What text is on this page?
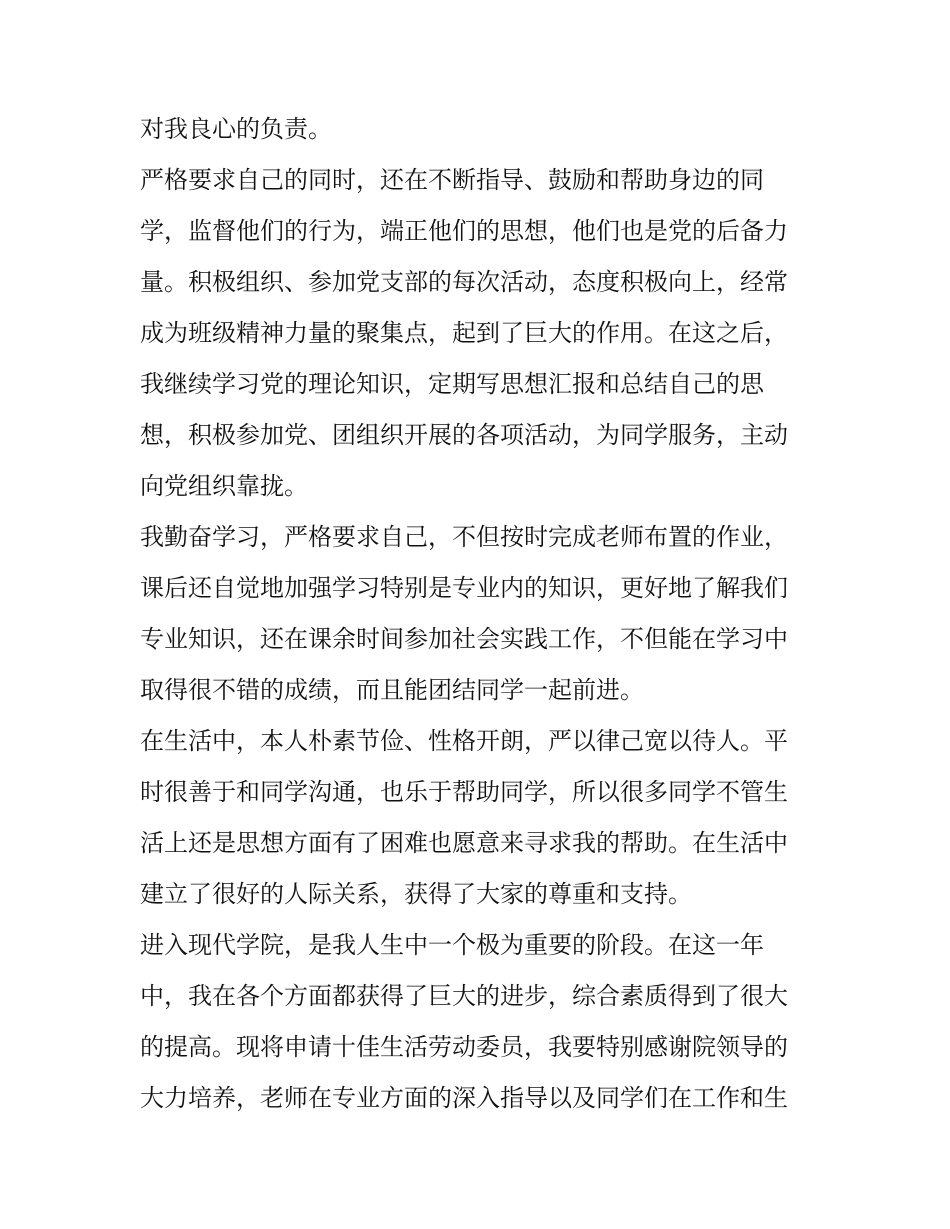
对我良心的负责。
严格要求自己的同时，还在不断指导、鼓励和帮助身边的同
学，监督他们的行为，端正他们的思想，他们也是党的后备力
量。积极组织、参加党支部的每次活动，态度积极向上，经常
成为班级精神力量的聚集点，起到了巨大的作用。在这之后，
我继续学习党的理论知识，定期写思想汇报和总结自己的思
想，积极参加党、团组织开展的各项活动，为同学服务，主动
向党组织靠拢。
我勤奋学习，严格要求自己，不但按时完成老师布置的作业，
课后还自觉地加强学习特别是专业内的知识，更好地了解我们
专业知识，还在课余时间参加社会实践工作，不但能在学习中
取得很不错的成绩，而且能团结同学一起前进。
在生活中，本人朴素节俭、性格开朗，严以律己宽以待人。平
时很善于和同学沟通，也乐于帮助同学，所以很多同学不管生
活上还是思想方面有了困难也愿意来寻求我的帮助。在生活中
建立了很好的人际关系，获得了大家的尊重和支持。
进入现代学院，是我人生中一个极为重要的阶段。在这一年
中，我在各个方面都获得了巨大的进步，综合素质得到了很大
的提高。现将申请十佳生活劳动委员，我要特别感谢院领导的
大力培养，老师在专业方面的深入指导以及同学们在工作和生
